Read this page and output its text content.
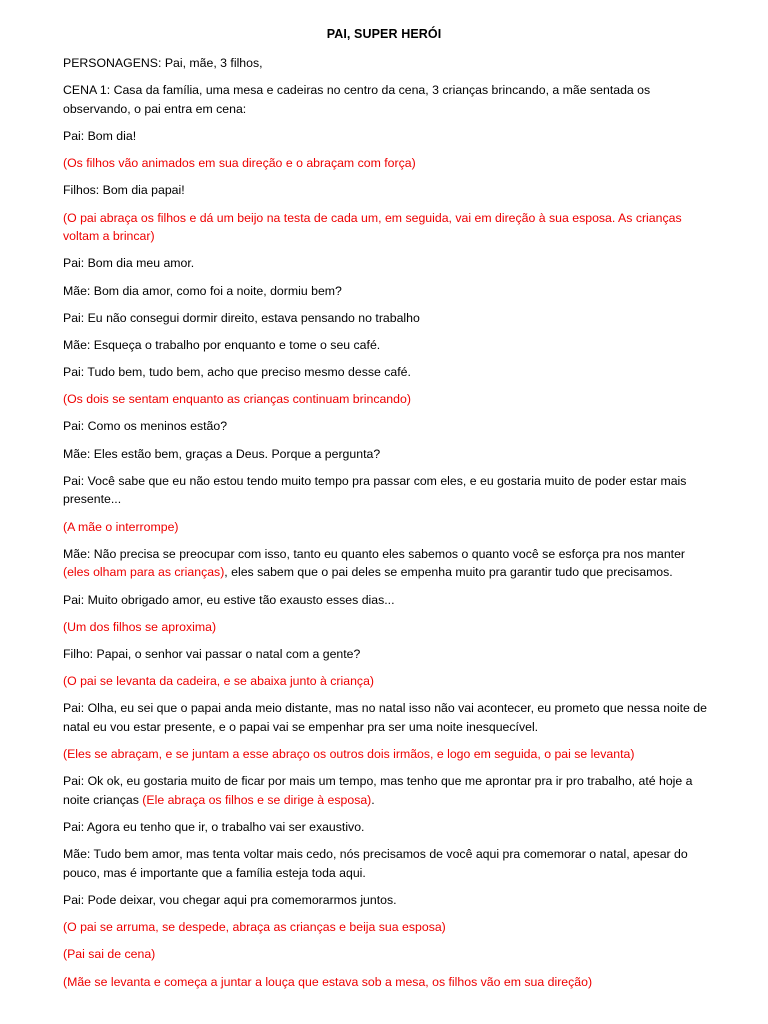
PAI, SUPER HERÓI

PERSONAGENS: Pai, mãe, 3 filhos,

CENA 1: Casa da família, uma mesa e cadeiras no centro da cena, 3 crianças brincando, a mãe sentada os observando, o pai entra em cena:

Pai: Bom dia!

(Os filhos vão animados em sua direção e o abraçam com força)

Filhos: Bom dia papai!

(O pai abraça os filhos e dá um beijo na testa de cada um, em seguida, vai em direção à sua esposa. As crianças voltam a brincar)

Pai: Bom dia meu amor.

Mãe: Bom dia amor, como foi a noite, dormiu bem?

Pai: Eu não consegui dormir direito, estava pensando no trabalho

Mãe: Esqueça o trabalho por enquanto e tome o seu café.

Pai: Tudo bem, tudo bem, acho que preciso mesmo desse café.

(Os dois se sentam enquanto as crianças continuam brincando)

Pai: Como os meninos estão?

Mãe: Eles estão bem, graças a Deus. Porque a pergunta?

Pai: Você sabe que eu não estou tendo muito tempo pra passar com eles, e eu gostaria muito de poder estar mais presente...

(A mãe o interrompe)

Mãe: Não precisa se preocupar com isso, tanto eu quanto eles sabemos o quanto você se esforça pra nos manter (eles olham para as crianças), eles sabem que o pai deles se empenha muito pra garantir tudo que precisamos.

Pai: Muito obrigado amor, eu estive tão exausto esses dias...

(Um dos filhos se aproxima)

Filho: Papai, o senhor vai passar o natal com a gente?

(O pai se levanta da cadeira, e se abaixa junto à criança)

Pai: Olha, eu sei que o papai anda meio distante, mas no natal isso não vai acontecer, eu prometo que nessa noite de natal eu vou estar presente, e o papai vai se empenhar pra ser uma noite inesquecível.

(Eles se abraçam, e se juntam a esse abraço os outros dois irmãos, e logo em seguida, o pai se levanta)

Pai: Ok ok, eu gostaria muito de ficar por mais um tempo, mas tenho que me aprontar pra ir pro trabalho, até hoje a noite crianças (Ele abraça os filhos e se dirige à esposa).

Pai: Agora eu tenho que ir, o trabalho vai ser exaustivo.

Mãe: Tudo bem amor, mas tenta voltar mais cedo, nós precisamos de você aqui pra comemorar o natal, apesar do pouco, mas é importante que a família esteja toda aqui.

Pai: Pode deixar, vou chegar aqui pra comemorarmos juntos.

(O pai se arruma, se despede, abraça as crianças e beija sua esposa)

(Pai sai de cena)

(Mãe se levanta e começa a juntar a louça que estava sob a mesa, os filhos vão em sua direção)
